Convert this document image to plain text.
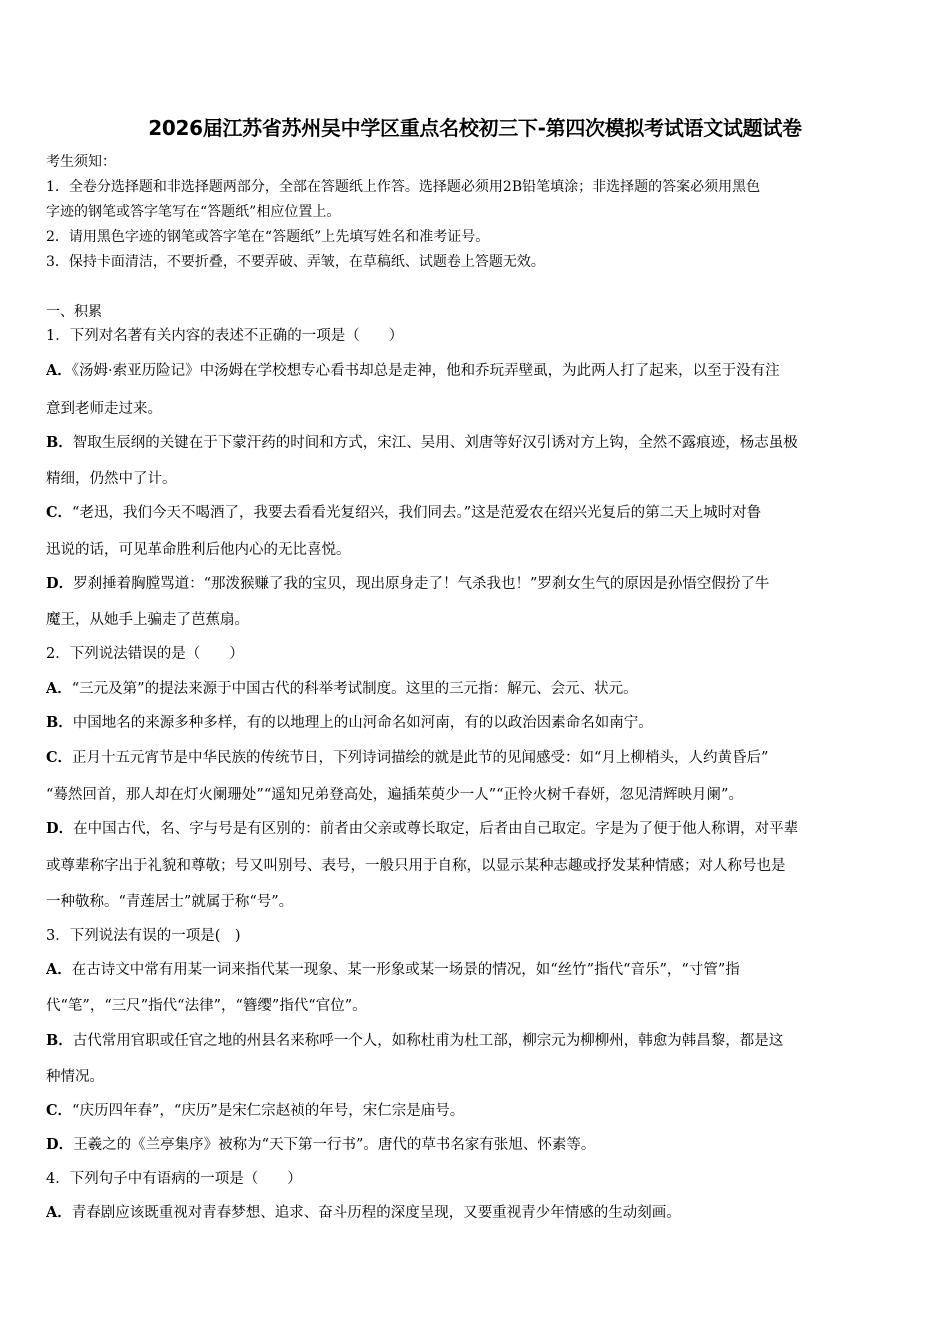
2026届江苏省苏州吴中学区重点名校初三下-第四次模拟考试语文试题试卷
考生须知：
1．全卷分选择题和非选择题两部分，全部在答题纸上作答。选择题必须用2B铅笔填涂；非选择题的答案必须用黑色
字迹的钢笔或答字笔写在“答题纸”相应位置上。
2．请用黑色字迹的钢笔或答字笔在“答题纸”上先填写姓名和准考证号。
3．保持卡面清洁，不要折叠，不要弄破、弄皱，在草稿纸、试题卷上答题无效。
一、积累
1．下列对名著有关内容的表述不正确的一项是（　　）
A．《汤姆·索亚历险记》中汤姆在学校想专心看书却总是走神，他和乔玩弄壁虱，为此两人打了起来，以至于没有注
意到老师走过来。
B．智取生辰纲的关键在于下蒙汗药的时间和方式，宋江、吴用、刘唐等好汉引诱对方上钩，全然不露痕迹，杨志虽极
精细，仍然中了计。
C．“老迅，我们今天不喝酒了，我要去看看光复绍兴，我们同去。”这是范爱农在绍兴光复后的第二天上城时对鲁
迅说的话，可见革命胜利后他内心的无比喜悦。
D．罗刹捶着胸膛骂道：“那泼猴赚了我的宝贝，现出原身走了！气杀我也！”罗刹女生气的原因是孙悟空假扮了牛
魔王，从她手上骗走了芭蕉扇。
2．下列说法错误的是（　　）
A．“三元及第”的提法来源于中国古代的科举考试制度。这里的三元指：解元、会元、状元。
B．中国地名的来源多种多样，有的以地理上的山河命名如河南，有的以政治因素命名如南宁。
C．正月十五元宵节是中华民族的传统节日，下列诗词描绘的就是此节的见闻感受：如“月上柳梢头，人约黄昏后”
“蓦然回首，那人却在灯火阑珊处”“遥知兄弟登高处，遍插茱萸少一人”“正怜火树千春妍，忽见清辉映月阑”。
D．在中国古代，名、字与号是有区别的：前者由父亲或尊长取定，后者由自己取定。字是为了便于他人称谓，对平辈
或尊辈称字出于礼貌和尊敬；号又叫别号、表号，一般只用于自称，以显示某种志趣或抒发某种情感；对人称号也是
一种敬称。“青莲居士”就属于称“号”。
3．下列说法有误的一项是(　)
A．在古诗文中常有用某一词来指代某一现象、某一形象或某一场景的情况，如“丝竹”指代“音乐”，“寸管”指
代“笔”，“三尺”指代“法律”，“簪缨”指代“官位”。
B．古代常用官职或任官之地的州县名来称呼一个人，如称杜甫为杜工部，柳宗元为柳柳州，韩愈为韩昌黎，都是这
种情况。
C．“庆历四年春”，“庆历”是宋仁宗赵祯的年号，宋仁宗是庙号。
D．王羲之的《兰亭集序》被称为“天下第一行书”。唐代的草书名家有张旭、怀素等。
4．下列句子中有语病的一项是（　　）
A．青春剧应该既重视对青春梦想、追求、奋斗历程的深度呈现，又要重视青少年情感的生动刻画。
